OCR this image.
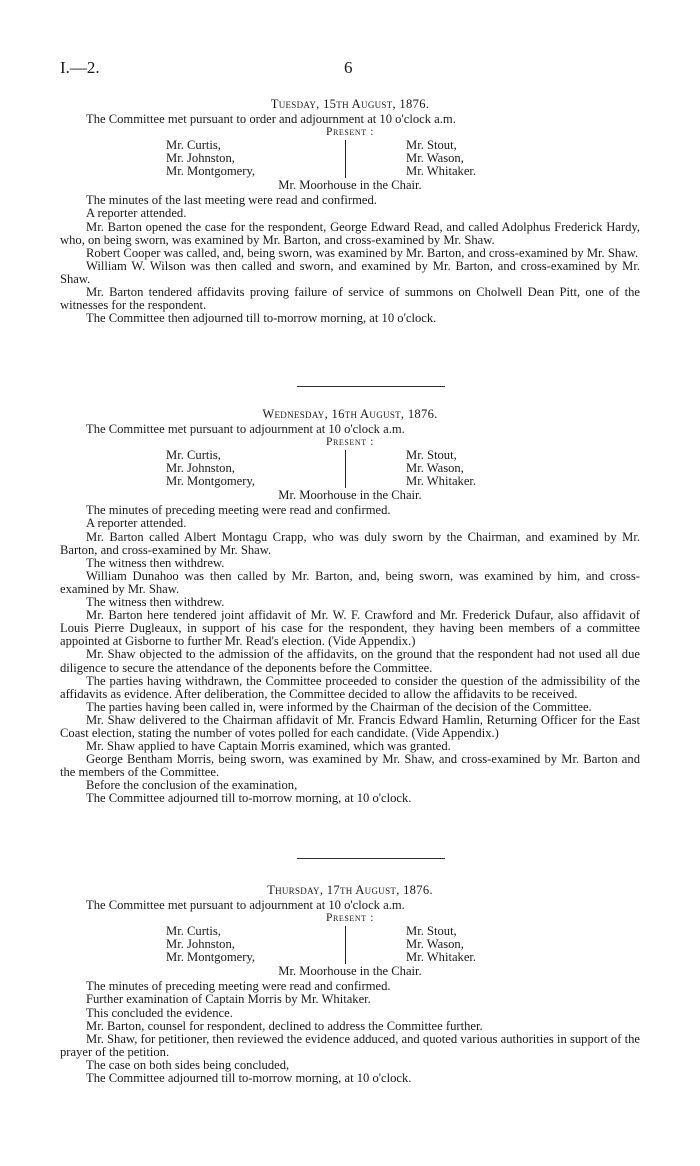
I.—2.	6
Tuesday, 15th August, 1876.
The Committee met pursuant to order and adjournment at 10 o'clock a.m.
Present :
Mr. Curtis,
Mr. Johnston,
Mr. Montgomery,
Mr. Stout,
Mr. Wason,
Mr. Whitaker.
Mr. Moorhouse in the Chair.
The minutes of the last meeting were read and confirmed.
A reporter attended.
Mr. Barton opened the case for the respondent, George Edward Read, and called Adolphus Frederick Hardy, who, on being sworn, was examined by Mr. Barton, and cross-examined by Mr. Shaw.
Robert Cooper was called, and, being sworn, was examined by Mr. Barton, and cross-examined by Mr. Shaw.
William W. Wilson was then called and sworn, and examined by Mr. Barton, and cross-examined by Mr. Shaw.
Mr. Barton tendered affidavits proving failure of service of summons on Cholwell Dean Pitt, one of the witnesses for the respondent.
The Committee then adjourned till to-morrow morning, at 10 o'clock.
Wednesday, 16th August, 1876.
The Committee met pursuant to adjournment at 10 o'clock a.m.
Present :
Mr. Curtis,
Mr. Johnston,
Mr. Montgomery,
Mr. Stout,
Mr. Wason,
Mr. Whitaker.
Mr. Moorhouse in the Chair.
The minutes of preceding meeting were read and confirmed.
A reporter attended.
Mr. Barton called Albert Montagu Crapp, who was duly sworn by the Chairman, and examined by Mr. Barton, and cross-examined by Mr. Shaw.
The witness then withdrew.
William Dunahoo was then called by Mr. Barton, and, being sworn, was examined by him, and cross-examined by Mr. Shaw.
The witness then withdrew.
Mr. Barton here tendered joint affidavit of Mr. W. F. Crawford and Mr. Frederick Dufaur, also affidavit of Louis Pierre Dugleaux, in support of his case for the respondent, they having been members of a committee appointed at Gisborne to further Mr. Read's election. (Vide Appendix.)
Mr. Shaw objected to the admission of the affidavits, on the ground that the respondent had not used all due diligence to secure the attendance of the deponents before the Committee.
The parties having withdrawn, the Committee proceeded to consider the question of the admissibility of the affidavits as evidence. After deliberation, the Committee decided to allow the affidavits to be received.
The parties having been called in, were informed by the Chairman of the decision of the Committee.
Mr. Shaw delivered to the Chairman affidavit of Mr. Francis Edward Hamlin, Returning Officer for the East Coast election, stating the number of votes polled for each candidate. (Vide Appendix.)
Mr. Shaw applied to have Captain Morris examined, which was granted.
George Bentham Morris, being sworn, was examined by Mr. Shaw, and cross-examined by Mr. Barton and the members of the Committee.
Before the conclusion of the examination,
The Committee adjourned till to-morrow morning, at 10 o'clock.
Thursday, 17th August, 1876.
The Committee met pursuant to adjournment at 10 o'clock a.m.
Present :
Mr. Curtis,
Mr. Johnston,
Mr. Montgomery,
Mr. Stout,
Mr. Wason,
Mr. Whitaker.
Mr. Moorhouse in the Chair.
The minutes of preceding meeting were read and confirmed.
Further examination of Captain Morris by Mr. Whitaker.
This concluded the evidence.
Mr. Barton, counsel for respondent, declined to address the Committee further.
Mr. Shaw, for petitioner, then reviewed the evidence adduced, and quoted various authorities in support of the prayer of the petition.
The case on both sides being concluded,
The Committee adjourned till to-morrow morning, at 10 o'clock.
